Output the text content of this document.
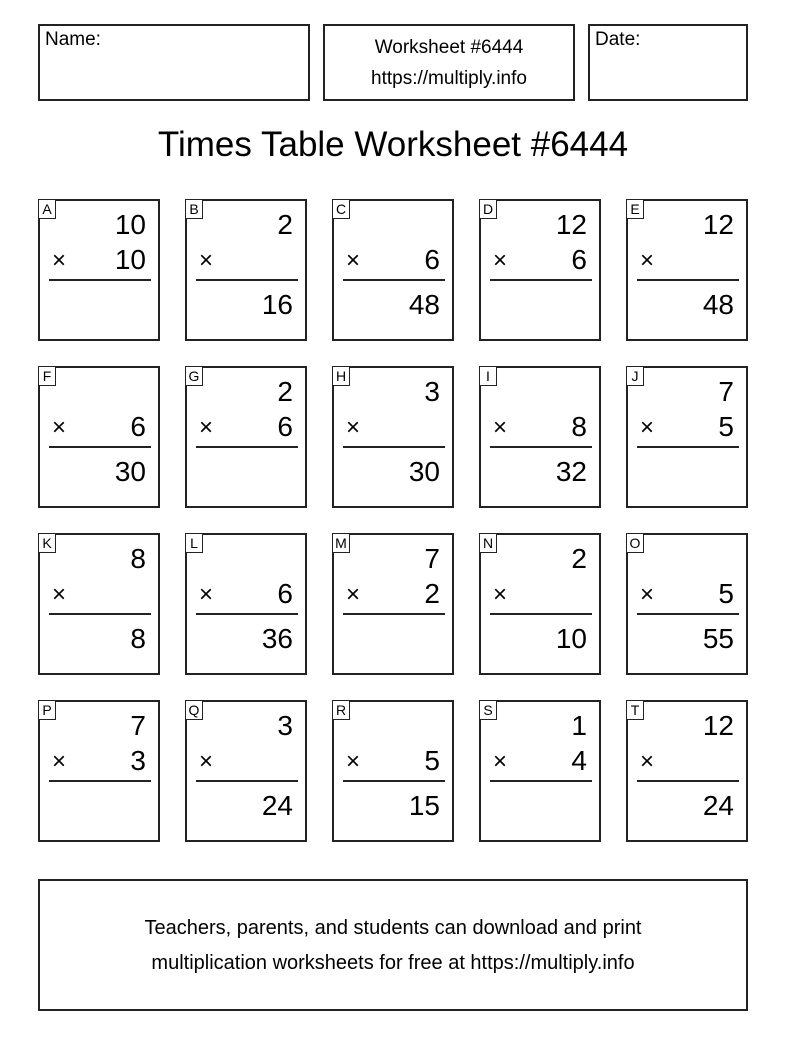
Name:	Worksheet #6444
https://multiply.info
Date:
Times Table Worksheet #6444
A 10
× 10
B	2
×
16
C
× 6
48
D 12
× 6
E 12
×
48
F
× 6
30
G	2
× 6
H	3
×
30
I
× 8
32
J	7
× 5
K	8
×
8
L
× 6
36
M	7
× 2
N	2
×
10
O
× 5
55
P	7
× 3
Q	3
×
24
R
× 5
15
S	1
× 4
T 12
×
24
Teachers, parents, and students can download and print
multiplication worksheets for free at https://multiply.info
